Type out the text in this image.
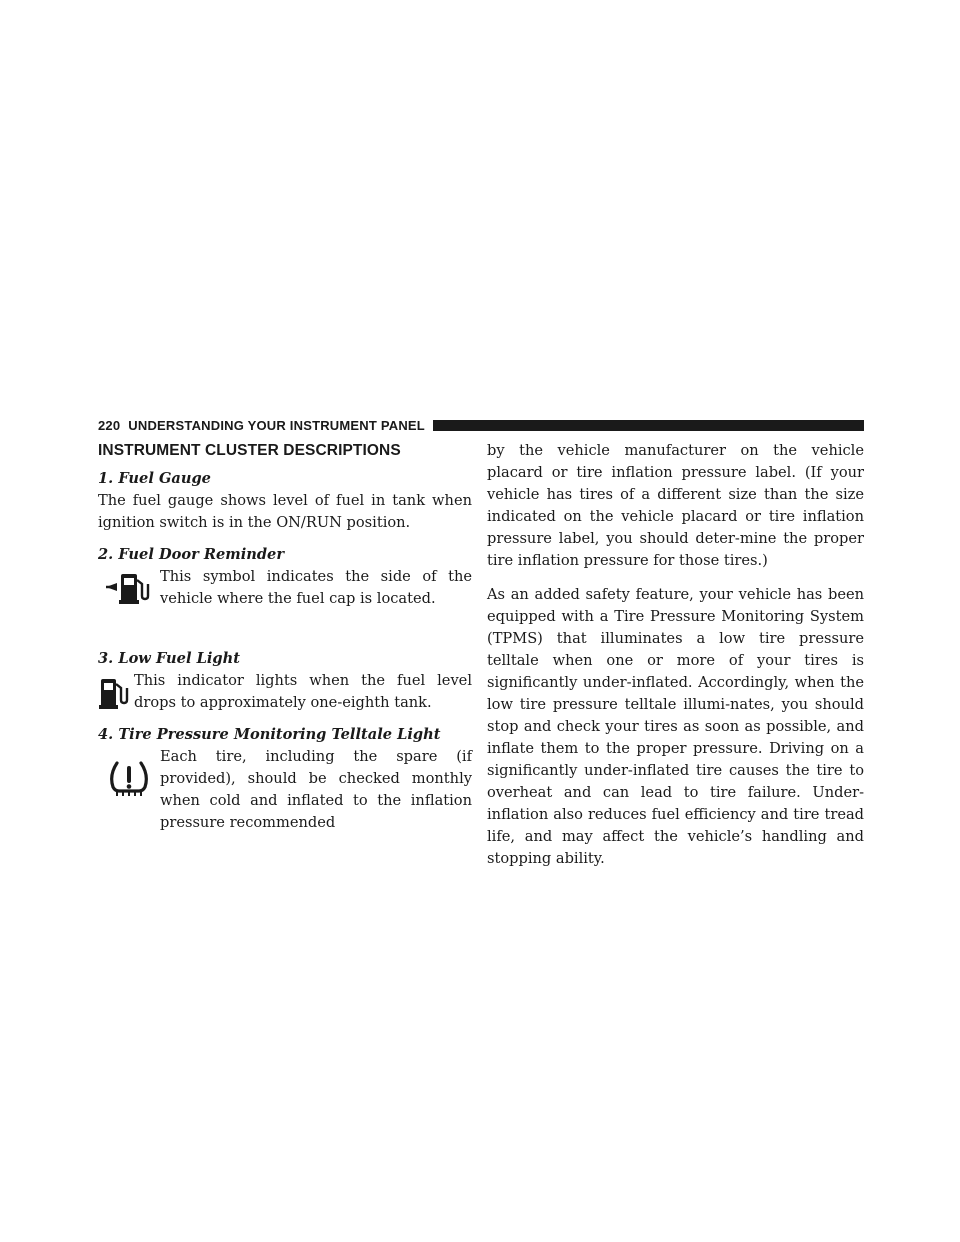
220 UNDERSTANDING YOUR INSTRUMENT PANEL
INSTRUMENT CLUSTER DESCRIPTIONS
1. Fuel Gauge

The fuel gauge shows level of fuel in tank when ignition switch is in the ON/RUN position.

2. Fuel Door Reminder
This symbol indicates the side of the vehicle where the fuel cap is located.
3. Low Fuel Light
This indicator lights when the fuel level drops to approximately one-eighth tank.
4. Tire Pressure Monitoring Telltale Light
Each tire, including the spare (if provided), should be checked monthly when cold and inflated to the inflation pressure recommended

by the vehicle manufacturer on the vehicle placard or tire inflation pressure label. (If your vehicle has tires of a different size than the size indicated on the vehicle placard or tire inflation pressure label, you should deter-mine the proper tire inflation pressure for those tires.)

As an added safety feature, your vehicle has been equipped with a Tire Pressure Monitoring System (TPMS) that illuminates a low tire pressure telltale when one or more of your tires is significantly under-inflated. Accordingly, when the low tire pressure telltale illumi-nates, you should stop and check your tires as soon as possible, and inflate them to the proper pressure. Driving on a significantly under-inflated tire causes the tire to overheat and can lead to tire failure. Under-inflation also reduces fuel efficiency and tire tread life, and may affect the vehicle’s handling and stopping ability.
